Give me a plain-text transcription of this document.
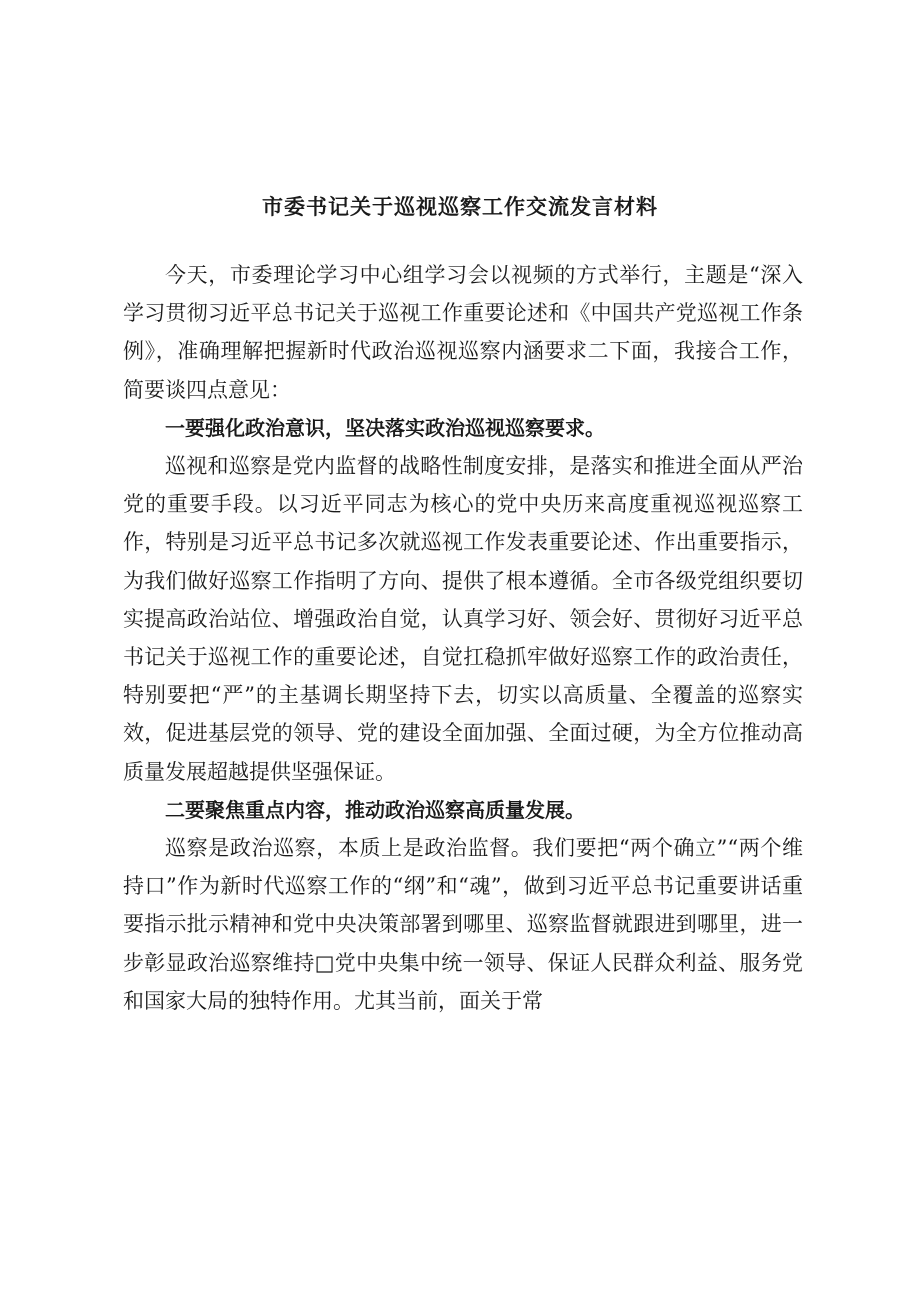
市委书记关于巡视巡察工作交流发言材料

今天，市委理论学习中心组学习会以视频的方式举行，主题是“深入学习贯彻习近平总书记关于巡视工作重要论述和《中国共产党巡视工作条例》，准确理解把握新时代政治巡视巡察内涵要求二下面，我接合工作，简要谈四点意见：

一要强化政治意识，坚决落实政治巡视巡察要求。

巡视和巡察是党内监督的战略性制度安排，是落实和推进全面从严治党的重要手段。以习近平同志为核心的党中央历来高度重视巡视巡察工作，特别是习近平总书记多次就巡视工作发表重要论述、作出重要指示，为我们做好巡察工作指明了方向、提供了根本遵循。全市各级党组织要切实提高政治站位、增强政治自觉，认真学习好、领会好、贯彻好习近平总书记关于巡视工作的重要论述，自觉扛稳抓牢做好巡察工作的政治责任，特别要把“严”的主基调长期坚持下去，切实以高质量、全覆盖的巡察实效，促进基层党的领导、党的建设全面加强、全面过硬，为全方位推动高质量发展超越提供坚强保证。

二要聚焦重点内容，推动政治巡察高质量发展。

巡察是政治巡察，本质上是政治监督。我们要把“两个确立”“两个维持口”作为新时代巡察工作的“纲”和“魂”，做到习近平总书记重要讲话重要指示批示精神和党中央决策部署到哪里、巡察监督就跟进到哪里，进一步彰显政治巡察维持□党中央集中统一领导、保证人民群众利益、服务党和国家大局的独特作用。尤其当前，面关于常
